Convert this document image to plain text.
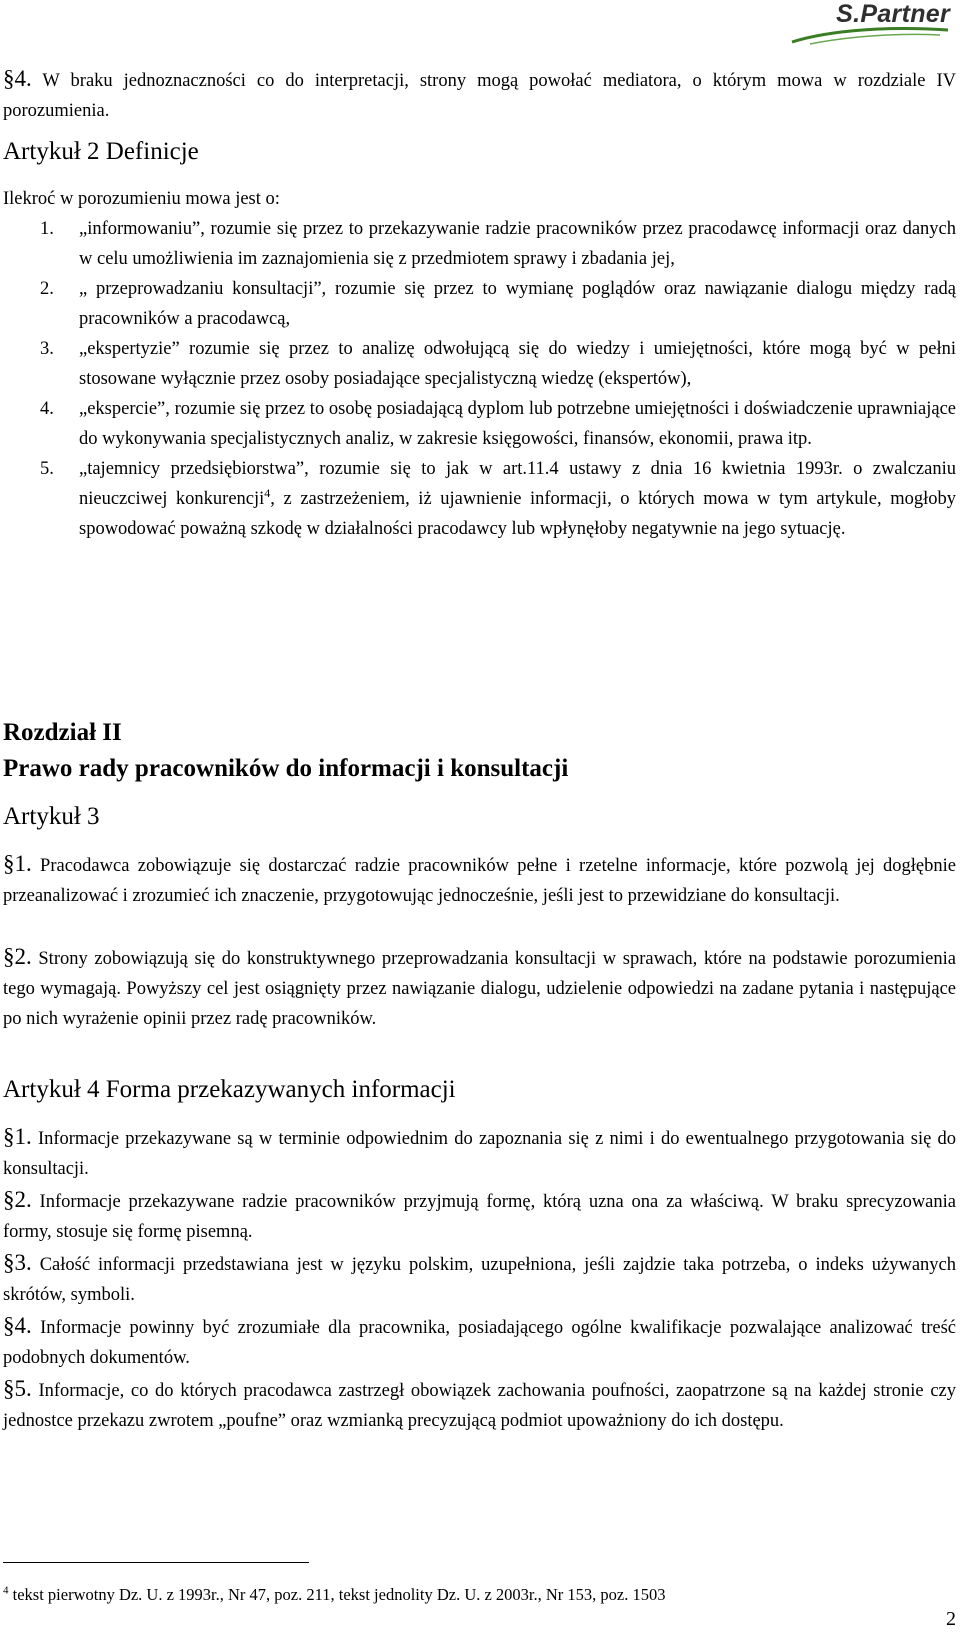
S.Partner
§4. W braku jednoznaczności co do interpretacji, strony mogą powołać mediatora, o którym mowa w rozdziale IV porozumienia.
Artykuł 2 Definicje
Ilekroć w porozumieniu mowa jest o:
1. „informowaniu”, rozumie się przez to przekazywanie radzie pracowników przez pracodawcę informacji oraz danych w celu umożliwienia im zaznajomienia się z przedmiotem sprawy i zbadania jej,
2. „ przeprowadzaniu konsultacji”, rozumie się przez to wymianę poglądów oraz nawiązanie dialogu między radą pracowników a pracodawcą,
3. „ekspertyzie” rozumie się przez to analizę odwołującą się do wiedzy i umiejętności, które mogą być w pełni stosowane wyłącznie przez osoby posiadające specjalistyczną wiedzę (ekspertów),
4. „ekspercie”, rozumie się przez to osobę posiadającą dyplom lub potrzebne umiejętności i doświadczenie uprawniające do wykonywania specjalistycznych analiz, w zakresie księgowości, finansów, ekonomii, prawa itp.
5. „tajemnicy przedsiębiorstwa”, rozumie się to jak w art.11.4 ustawy z dnia 16 kwietnia 1993r. o zwalczaniu nieuczciwej konkurencji$^4$, z zastrzeżeniem, iż ujawnienie informacji, o których mowa w tym artykule, mogłoby spowodować poważną szkodę w działalności pracodawcy lub wpłynęłoby negatywnie na jego sytuację.
Rozdział II
Prawo rady pracowników do informacji i konsultacji
Artykuł 3
§1. Pracodawca zobowiązuje się dostarczać radzie pracowników pełne i rzetelne informacje, które pozwolą jej dogłębnie przeanalizować i zrozumieć ich znaczenie, przygotowując jednocześnie, jeśli jest to przewidziane do konsultacji.
§2. Strony zobowiązują się do konstruktywnego przeprowadzania konsultacji w sprawach, które na podstawie porozumienia tego wymagają. Powyższy cel jest osiągnięty przez nawiązanie dialogu, udzielenie odpowiedzi na zadane pytania i następujące po nich wyrażenie opinii przez radę pracowników.
Artykuł 4 Forma przekazywanych informacji
§1. Informacje przekazywane są w terminie odpowiednim do zapoznania się z nimi i do ewentualnego przygotowania się do konsultacji.
§2. Informacje przekazywane radzie pracowników przyjmują formę, którą uzna ona za właściwą. W braku sprecyzowania formy, stosuje się formę pisemną.
§3. Całość informacji przedstawiana jest w języku polskim, uzupełniona, jeśli zajdzie taka potrzeba, o indeks używanych skrótów, symboli.
§4. Informacje powinny być zrozumiałe dla pracownika, posiadającego ogólne kwalifikacje pozwalające analizować treść podobnych dokumentów.
§5. Informacje, co do których pracodawca zastrzegł obowiązek zachowania poufności, zaopatrzone są na każdej stronie czy jednostce przekazu zwrotem „poufne” oraz wzmianką precyzującą podmiot upoważniony do ich dostępu.
$^4$ tekst pierwotny Dz. U. z 1993r., Nr 47, poz. 211, tekst jednolity Dz. U. z 2003r., Nr 153, poz. 1503
2
